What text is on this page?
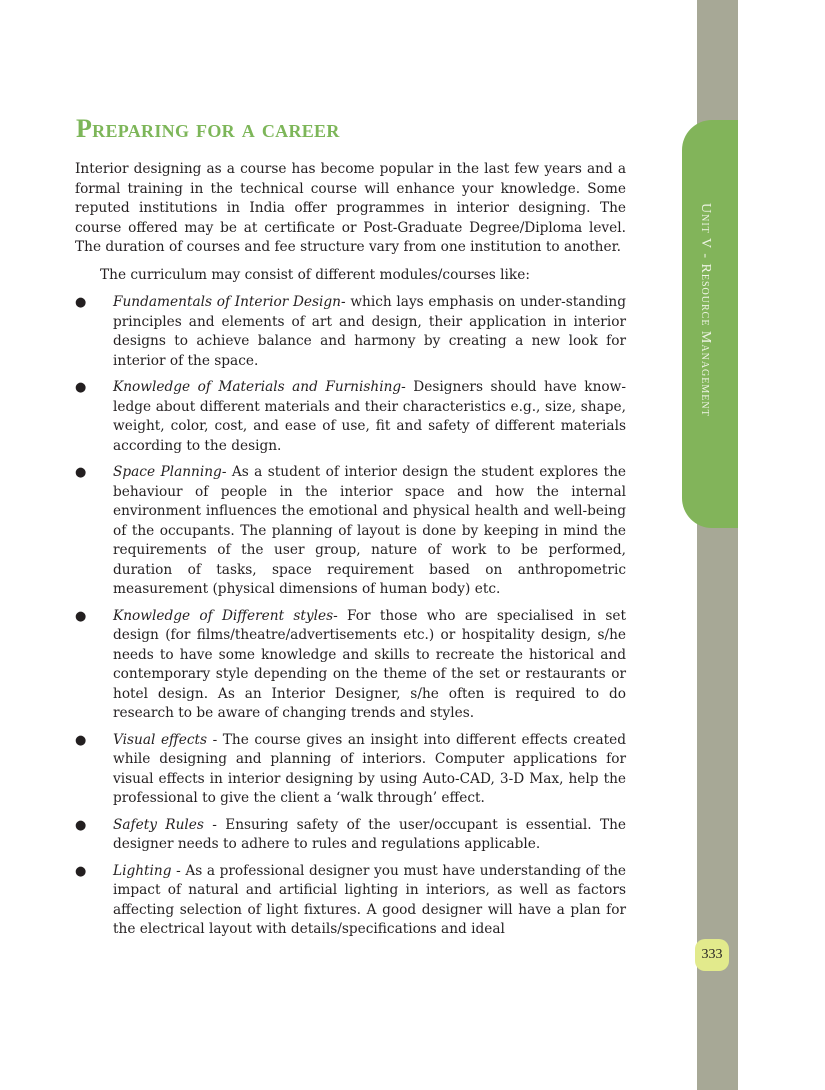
Unit V - Resource Management
333
Preparing for a career

Interior designing as a course has become popular in the last few years and a formal training in the technical course will enhance your knowledge. Some reputed institutions in India offer programmes in interior designing. The course offered may be at certificate or Post-Graduate Degree/Diploma level. The duration of courses and fee structure vary from one institution to another.

The curriculum may consist of different modules/courses like:

● Fundamentals of Interior Design- which lays emphasis on under-standing principles and elements of art and design, their application in interior designs to achieve balance and harmony by creating a new look for interior of the space.
● Knowledge of Materials and Furnishing- Designers should have know-ledge about different materials and their characteristics e.g., size, shape, weight, color, cost, and ease of use, fit and safety of different materials according to the design.
● Space Planning- As a student of interior design the student explores the behaviour of people in the interior space and how the internal environment influences the emotional and physical health and well-being of the occupants. The planning of layout is done by keeping in mind the requirements of the user group, nature of work to be performed, duration of tasks, space requirement based on anthropometric measurement (physical dimensions of human body) etc.
● Knowledge of Different styles- For those who are specialised in set design (for films/theatre/advertisements etc.) or hospitality design, s/he needs to have some knowledge and skills to recreate the historical and contemporary style depending on the theme of the set or restaurants or hotel design. As an Interior Designer, s/he often is required to do research to be aware of changing trends and styles.
● Visual effects - The course gives an insight into different effects created while designing and planning of interiors. Computer applications for visual effects in interior designing by using Auto-CAD, 3-D Max, help the professional to give the client a ‘walk through’ effect.
● Safety Rules - Ensuring safety of the user/occupant is essential. The designer needs to adhere to rules and regulations applicable.
● Lighting - As a professional designer you must have understanding of the impact of natural and artificial lighting in interiors, as well as factors affecting selection of light fixtures. A good designer will have a plan for the electrical layout with details/specifications and ideal
